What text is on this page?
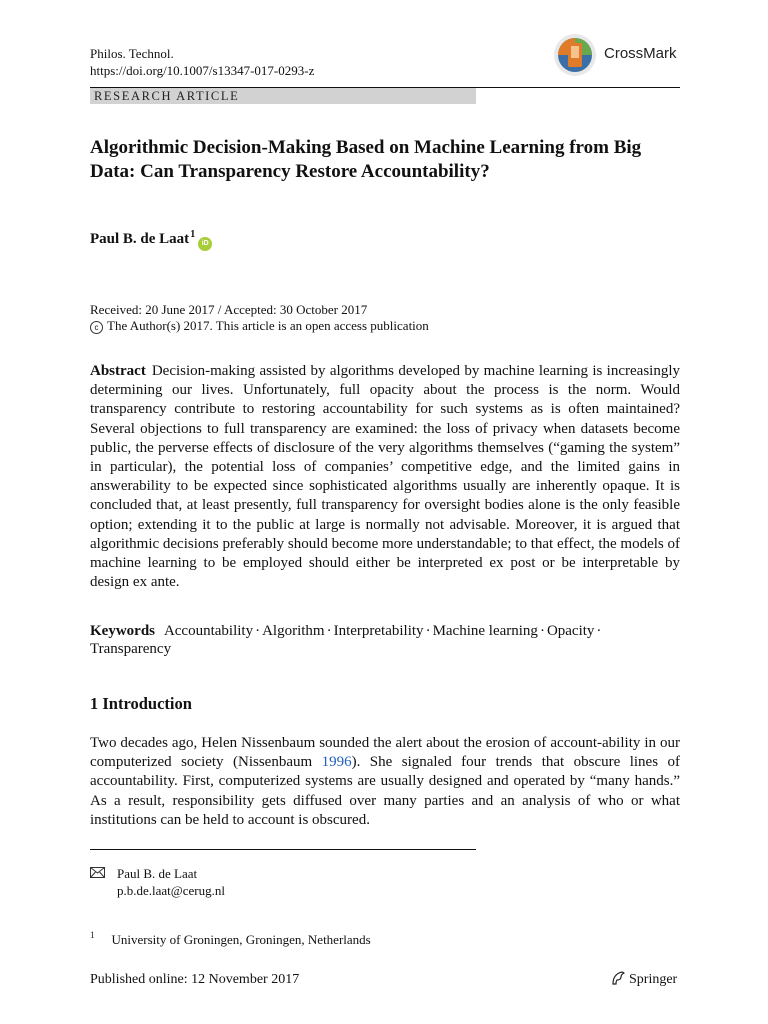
Philos. Technol.
https://doi.org/10.1007/s13347-017-0293-z
CrossMark
RESEARCH ARTICLE
Algorithmic Decision-Making Based on Machine Learning from Big Data: Can Transparency Restore Accountability?
Paul B. de Laat$^1$iD
Received: 20 June 2017 / Accepted: 30 October 2017
c The Author(s) 2017. This article is an open access publication
Abstract Decision-making assisted by algorithms developed by machine learning is increasingly determining our lives. Unfortunately, full opacity about the process is the norm. Would transparency contribute to restoring accountability for such systems as is often maintained? Several objections to full transparency are examined: the loss of privacy when datasets become public, the perverse effects of disclosure of the very algorithms themselves (“gaming the system” in particular), the potential loss of companies’ competitive edge, and the limited gains in answerability to be expected since sophisticated algorithms usually are inherently opaque. It is concluded that, at least presently, full transparency for oversight bodies alone is the only feasible option; extending it to the public at large is normally not advisable. Moreover, it is argued that algorithmic decisions preferably should become more understandable; to that effect, the models of machine learning to be employed should either be interpreted ex post or be interpretable by design ex ante.
Keywords Accountability · Algorithm · Interpretability · Machine learning · Opacity · Transparency
1 Introduction
Two decades ago, Helen Nissenbaum sounded the alert about the erosion of account-ability in our computerized society (Nissenbaum 1996). She signaled four trends that obscure lines of accountability. First, computerized systems are usually designed and operated by “many hands.” As a result, responsibility gets diffused over many parties and an analysis of who or what institutions can be held to account is obscured.
Paul B. de Laat
p.b.de.laat@cerug.nl
$^1$ University of Groningen, Groningen, Netherlands
Published online: 12 November 2017	Springer
